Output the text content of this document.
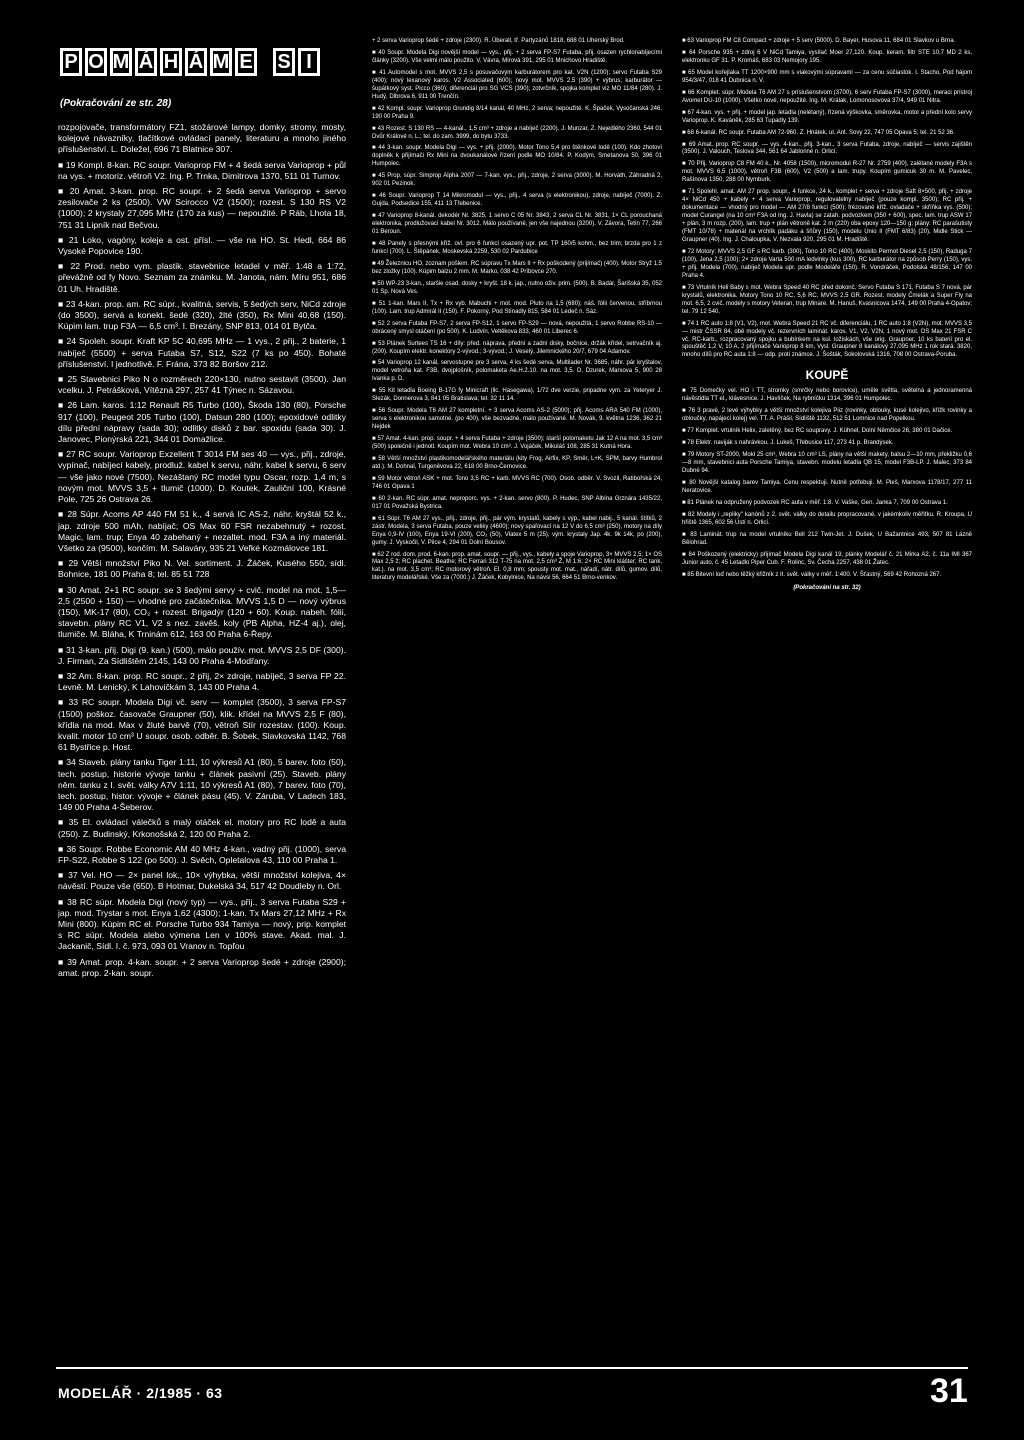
P O M Á H Á M E S I
(Pokračování ze str. 28)

rozpojovače, transformátory FZ1, stožárové lampy, domky, stromy, mosty, kolejové návazníky, tlačítkové ovládací panely, literaturu a mnoho jiného příslušenství. L. Doležel, 696 71 Blatnice 307.

■ 19 Kompl. 8-kan. RC soupr. Varioprop FM + 4 šedá serva Varioprop + půl na vys. + motoriz. větroň V2. Ing. P. Trnka, Dimitrova 1370, 511 01 Turnov.

■ 20 Amat. 3-kan. prop. RC soupr. + 2 šedá serva Varioprop + servo zesilovače 2 ks (2500). VW Scirocco V2 (1500); rozest. S 130 RS V2 (1000); 2 krystaly 27,095 MHz (170 za kus) — nepoužité. P Ráb, Lhota 18, 751 31 Lipník nad Bečvou.

■ 21 Loko, vagóny, koleje a ost. přísl. — vše na HO. St. Hedl, 664 86 Vysoké Popovice 190.

■ 22 Prod. nebo vym. plastik. stavebnice letadel v měř. 1:48 a 1:72, převážně od fy Novo. Seznam za známku. M. Janota, nám. Míru 951, 686 01 Uh. Hradiště.

■ 23 4-kan. prop. am. RC súpr., kvalitná, servis, 5 šedých serv, NiCd zdroje (do 3500), servá a konekt. šedé (320), žlté (350), Rx Mini 40,68 (150). Kúpim lam. trup F3A — 6,5 cm³. I. Brezány, SNP 813, 014 01 Bytča.

■ 24 Spoleh. soupr. Kraft KP 5C 40,695 MHz — 1 vys., 2 přij., 2 baterie, 1 nabíječ (5500) + serva Futaba S7, S12, S22 (7 ks po 450). Bohaté příslušenství. I jednotlivě. F. Frána, 373 82 Boršov 212.

■ 25 Stavebnici Piko N o rozměrech 220×130, nutno sestavit (3500). Jan vcelku. J. Petrášková, Vítězná 297, 257 41 Týnec n. Sázavou.

■ 26 Lam. karos. 1:12 Renault R5 Turbo (100), Škoda 130 (80), Porsche 917 (100), Peugeot 205 Turbo (100), Datsun 280 (100); epoxidové odlitky dílu přední nápravy (sada 30); odlitky disků z bar. spoxidu (sada 30). J. Janovec, Pionýrská 221, 344 01 Domažlice.

■ 27 RC soupr. Varioprop Exzellent T 3014 FM ses 40 — vys., přij., zdroje, vypínač, nabíjecí kabely, prodluž. kabel k servu, náhr. kabel k servu, 6 serv — vše jako nové (7500). Nezáštaný RC model typu Oscar, rozp. 1,4 m, s novým mot. MVVS 3,5 + tlumič (1000). D. Koutek, Zauliční 100, Krásné Pole, 725 26 Ostrava 26.

■ 28 Súpr. Acoms AP 440 FM 51 k., 4 servá IC AS-2, náhr. kryštál 52 k., jap. zdroje 500 mAh, nabíjač; OS Max 60 FSR nezabehnutý + rozost. Magic, lam. trup; Enya 40 zabehaný + nezaltet. mod. F3A a iný materiál. Všetko za (9500), končím. M. Salaváry, 935 21 Veľké Kozmálovce 181.

■ 29 Větší množství Piko N. Vel. sortiment. J. Žáček, Kusého 550, sídl. Bohnice, 181 00 Praha 8; tel. 85 51 728

■ 30 Amat. 2+1 RC soupr. se 3 šedými servy + cvič. model na mot. 1,5—2,5 (2500 + 150) — vhodné pro začátečníka. MVVS 1,5 D — nový výbrus (150), MK-17 (80), CO₂ + rozest. Brigadýr (120 + 60). Koup. nabeh. fólii, stavebn. plány RC V1, V2 s nez. zavěš. koly (PB Alpha, HZ-4 aj.), olej, tlumiče. M. Bláha, K Trninám 612, 163 00 Praha 6-Řepy.

■ 31 3-kan. přij. Digi (9. kan.) (500), málo použív. mot. MVVS 2,5 DF (300). J. Firman, Za Sídlištěm 2145, 143 00 Praha 4-Modřany.

■ 32 Am. 8-kan. prop. RC soupr., 2 přij, 2× zdroje, nabíječ, 3 serva FP 22. Levně. M. Lenický, K Lahovičkám 3, 143 00 Praha 4.

■ 33 RC soupr. Modela Digi vč. serv — komplet (3500), 3 serva FP-S7 (1500) poškoz. časovače Graupner (50), klik. křídel na MVVS 2,5 F (80), křídla na mod. Max v žluté barvě (70), větroň Stír rozestav. (100). Koup. kvalit. motor 10 cm³ U soupr. osob. odběr. B. Šobek, Slavkovská 1142, 768 61 Bystřice p. Host.

■ 34 Staveb. plány tanku Tiger 1:11, 10 výkresů A1 (80), 5 barev. foto (50), tech. postup, historie vývoje tanku + článek pasivní (25). Staveb. plány něm. tanku z I. svět. války A7V 1:11, 10 výkresů A1 (80), 7 barev. foto (70), tech. postup, histor. vývoje + článek pásu (45). V. Záruba, V Ladech 183, 149 00 Praha 4-Šeberov.

■ 35 El. ovládací válečků s malý otáček el. motory pro RC lodě a auta (250). Z. Budinský, Krkonošská 2, 120 00 Praha 2.

■ 36 Soupr. Robbe Economic AM 40 MHz 4-kan., vadný přij. (1000), serva FP-S22, Robbe S 122 (po 500). J. Svěch, Opletalova 43, 110 00 Praha 1.

■ 37 Vel. HO — 2× panel lok., 10× výhybka, větší množství kolejiva, 4× návěstí. Pouze vše (650). B Hotmar, Dukelská 34, 517 42 Doudleby n. Orl.

■ 38 RC súpr. Modela Digi (nový typ) — vys., přij., 3 serva Futaba S29 + jap. mod. Trystar s mot. Enya 1,62 (4300); 1-kan. Tx Mars 27,12 MHz + Rx Mini (800). Kúpim RC el. Porsche Turbo 934 Tamiya — nový, prip. komplet s RC súpr. Modela alebo výmena Len v 100% stave. Akad. mal. J. Jackanič, Sídl. I. č. 973, 093 01 Vranov n. Topľou

■ 39 Amat. prop. 4-kan. soupr. + 2 serva Varioprop šedé + zdroje (2900); amat. prop. 2-kan. soupr.

+ 2 serva Varioprop šedé + zdroje (2300). R. Überall, tř. Partyzánů 1818, 688 01 Uherský Brod.

■ 40 Soupr. Modela Digi novější model — vys., přij. + 2 serva FP-S7 Futaba, přij. osazen rychlonabíjecími články (3200). Vše velmi málo použito. V. Vávra, Mírová 391, 295 01 Mnichovo Hradiště.

■ 41 Automodel s mot. MVVS 2,5 s posuvačovým karburátorem pro kat. V2N (1200); servo Futaba S29 (400); nový lexanový karos. V2 Associated (600); nový mot. MVVS 2,5 (390) + výbrus; karburátor — šupátkový syst. Picco (360); diferenciál pro SG VCS (390); zotvrčník, spojka komplet viz MO 11/84 (280). J. Hudý, Dlbrova 6, 911 00 Trenčín.

■ 42 Kompl. soupr. Varioprop Grundig 8/14 kanál, 40 MHz, 2 serva; nepoužité. K. Špaček, Vysočanská 246, 190 00 Praha 9.

■ 43 Rozest. S 130 RS — 4-kanál., 1,5 cm³ + zdroje a nabíječ (2200). J. Munzar, Z. Nejedlého 2360, 544 01 Dvůr Králové n. L.; tel. do zam. 3999, do bytu 3733.

■ 44 3-kan. soupr. Modela Digi — vys. + přij. (2000). Motor Tono 5,4 pro štěnkové lodě (100). Kdo zhotoví doplněk k přijímači Rx Mini na dvoukanálové řízení podle MO 10/84. P. Kodým, Smetanova 50, 396 01 Humpolec.

■ 45 Prop. súpr. Simprop Alpha 2007 — 7-kan. vys., přij., zdroje, 2 serva (3000). M. Horváth, Záhradná 2, 902 01 Pezinok.

■ 46 Soupr. Varioprop T 14 Mikromodul — vys., přij., 4 serva (s elektronikou), zdroje, nabíječ (7000). Z. Gujda, Podsedice 155, 411 13 Třebenice.

■ 47 Varioprop 8-kanál. dekodér Nr. 3825, 1 servo C 05 Nr. 3843, 2 serva CL Nr. 3831, 1× CL porouchaná elektronika, prodlužovací kabel Nr. 3012. Málo používané, jen vše najednou (3200). V. Závora, Tetín 77, 266 01 Beroun.

■ 48 Panely s přesnými kříž. ovl. pro 6 funkcí osazený upr. pot. TP 160/5 kohm., bez trim; brzda pro 1 z funkcí (700). L. Štěpánek, Moskevská 2259, 530 02 Pardubice

■ 49 Železnicu HO, zoznam pošlem. RC súpravu Tx Mars II + Rx poškodený (prijímač) (400). Motor Stryž 1,5 bez zložky (100). Kúpim balzu 2 mm. M. Marko, 038 42 Príbovce 270.

■ 50 WP-23 3-kan., staršie osad. dosky + kryšt. 18 k. jap., nutno oživ. prim. (500). B. Badár, Šarišská 35, 052 01 Sp. Nová Ves.

■ 51 1-kan. Mars II, Tx + Rx vyb. Mabuchi + mot. mod. Pluto na 1,5 (680); náš. fólii červenou, stříbrnou (100). Lam. trup Admirál II (150). F. Pokorný, Pod Stínadly 815, 584 01 Ledeč n. Sáz.

■ 52 2 serva Futaba FP-S7, 2 serva FP-S12, 1 servo FP-S29 — nová, nepoužitá, 1 servo Robbe RS-10 — obrácený smysl otáčení (po 500). K. Ludvín, Veltěkova 833, 460 01 Liberec 6.

■ 53 Plánek Surtees TS 16 + díly: před. náprava, přední a zadní disky, bočnice, držák křídel, setrvačník aj. (200). Koupím elektr. konektory 2-vývod.; 3-vývod.; J. Veselý, Jilemnického 20/7, 679 04 Adamov.

■ 54 Varioprop 12 kanál, servostupne pre 3 serva, 4 ks šedé serva, Multilader Nr. 3685, náhr. pár kryštalov, model vetroňa kat. F3B, dvojplošník, polomaketa Ae.H.2.10. na mot. 3,5. D. Dzurek, Marxova 5, 900 28 Ivanka p. D.

■ 55 Kit letadla Boeing B-17G fy Minicraft (llc. Hasegawa), 1/72 dve verzie, pripadne vym. za Yeteryer J. Slezák, Donnerova 3, 841 05 Bratislava; tel. 32 11 14.

■ 56 Soupr. Modela T6 AM 27 kompletní. + 3 serva Acoms AS-2 (5000); přij. Acoms ARA 540 FM (1000), serva s elektronikou samotné. (po 400), vše bezvadné, málo používané. M. Novák, 9. května 1236, 362 21 Nejdek

■ 57 Amat. 4-kan. prop. soupr. + 4 serva Futaba + zdroje (3500); starší polomaketu Jak 12 A na mot. 3,5 cm³ (500) společně i jednotl. Koupím mot. Webra 10 cm³. J. Vojáček, Mikuláš 108, 285 31 Kutná Hora.

■ 58 Větší množství plastikomodelářského materiálu (kity Frog, Airfix, KP, Směr, L+K, SPM, barvy Humbrol atd.). M. Dohnal, Turgeněvova 22, 618 00 Brno-Černovice.

■ 59 Motor větroň ASK + mot. Tono 3,5 RC + karb. MVVS RC (700). Osob. odběr. V. Svozil, Ratibořská 24, 746 01 Opava 1

■ 60 2-kan. RC súpr. amat. neproporc. vys. + 2-kan. servo (800). P. Hudec, SNP Albína Grznára 1435/22, 017 01 Považská Bystrica.

■ 61 Súpr. T6 AM 27 vys., přij., zdroje, přij., pár vým. krystalů, kabely s výp., kabel nabij., 5 kanál. štítků, 2 zástr. Modela, 3 serva Futaba, pouze veliky (4600); nový spaľovací na 12 V do 6,5 cm³ (250), motory na díly Enya 0,9-IV (100), Enya 19-VI (200), CO₂ (50), Vlatex 5 m (25), vým. krystaly Jap. 4k. 9k 14k, po (200), gumy. J. Vyskočil, V. Pilce 4, 294 01 Dolní Bousov.

■ 62 Z rod. dom. prod. 6-kan. prop. amat. soupr. — přij., vys., kabely a spoje Varioprop, 3× MVVS 2,5; 1× OS Max 2,5 ž; RC plachet. Beathe; RC Ferrari 312 T-75 na mot. 2,5 cm³ Ž, M 1:6; 2× RC Mini klášter; RC tank, kat.). na mot. 3,5 cm³; RC motorový větroň. El. 0,8 mm; spousty mot. mat., nářadí, nátr. dílů, gumov. dílů, literatury modelářské. Vše za (7000.) J. Žáček, Kobylnice, Na návsi 56, 664 51 Brno-venkov.

■ 63 Varioprop FM C8 Compact + zdroje + 5 serv (5000). D. Bayer, Husova 11, 684 01 Slavkov u Brna.

■ 64 Porsche 935 + zdroj 6 V NiCd Tamiya, vysílač Moer 27,120. Koup. keram. filtr STE 10,7 MD 2 ks, elektronku GF 31. P. Kromáš, 683 03 Nemojory 195.

■ 65 Model kořejlaka TT 1200×900 mm s viakovými súpravami — za cenu súčiastok. I. Stacho, Pod hájom 954/3/47, 018 41 Dubnica n. V.

■ 66 Komplet. súpr. Modela T6 AM 27 s príslušenstvom (3700), 6 serv Futaba FP-S7 (3000), meraci prístroj Avomet DU-10 (1000). Všetko nové, nepoužité. Ing. M. Králak, Lomonosovova 37/4, 949 01 Nitra.

■ 67 4-kan. vys. + přij. + model jap. letadla (nelétaný), řízená výškovka, směrovka, motor a přední kolo servy Varioprop. K. Kaváněk, 285 63 Tupadly 139.

■ 68 6-kanál. RC soupr. Futaba AM 72-960. Z. Hnátek, ul. Ant. Sovy 22, 747 05 Opava 5; tel. 21 52 36.

■ 69 Amat. prop. RC soupr. — vys. 4-kan., přij. 3-kan., 3 serva Futaba, zdroje, nabíječ — servis zajištěn (3500). J. Valouch, Teslova 344, 561 64 Jablonné n. Orlicí.

■ 70 Přij. Varioprop C8 FM 40 k., Nr. 4058 (1500), micromodul R-27 Nr. 2759 (400), zalétané modely F3A s mot. MVVS 6,5 (1000), větroň F3B (600), V2 (500) a lam. trupy. Koupím gumicuk 30 m. M. Pavelec, Rašínova 1350, 288 00 Nymburk.

■ 71 Spolehl. amat. AM 27 prop. soupr., 4 funkce, 24 k., komplet + serva + zdroje Saft 8×500, přij. + zdroje 4× NiCd 450 + kabely + 4 serva Varioprop, regulovatelný nabíječ (pouze kompl. 3500); RC přij. + dokumentace — vhodný pro model — AM 27/8 funkcí (500); frézované kříž. ovladače + skříňka vys. (500); model Curangel (na 10 cm³ F3A od Ing. J. Havla) se zatah. podvozkem (350 + 600), spec. lam. trup ASW 17 + plán, 3 m rozp. (200), lam. trup + plán větroně kat. 2 m (220) oba epoxy 120—150 g; plány: RC parašutisty (FMT 10/78) + materiál na vrchlík padáku a šňůry (150), modelu Unio II (FMT 6/83) (20), Midle Stick — Graupner (40). Ing. J. Chaloupka, V. Nezvala 920, 295 01 M. Hradiště.

■ 72 Motory: MVVS 2,5 GF s RC karb. (300), Tono 10 RC (400), Moskito Permot Diesel 2,5 (150), Raduga 7 (100), Jena 2,5 (100); 2× zdroje Varta 500 mA ledvinky (kus 300), RC karburátor na způsob Perry (150), vys. + přij. Modela (700), nabíječ Modela upr. podle Modeláře (150). R. Vondráček, Podolská 48/156, 147 00 Praha 4.

■ 73 Vrtulník Heli Baby s mot. Webra Speed 40 RC před dokonč. Servo Futaba S 171, Futaba S 7 nová, pár krystalů, elektronika. Motory Tono 10 RC, 5,6 RC, MVVS 2,5 GR. Rozest. modely Čmelák a Super Fly na mot. 6,5, 2 cvič. modely s motory Veteran, trup Minare. M. Hanuš, Kvasnicova 1474, 149 00 Praha 4-Opatov; tel. 79 12 540.

■ 74 1 RC auto 1:8 (V1, V2), mot. Webra Speed 21 RC vč. diferenciálu, 1 RC auto 1:8 (V2N), mot. MVVS 3,5 — mistr ČSSR 84, obě modely vč. rezervních laminát. karos. V1, V2, V2N, 1 nový mot. OS Max 21 FSR C vč. RC-karb., rozpracovaný spojku a bubínkem na kul. ložiskách, vše orig. Graupner, 10 ks baterií pro el. spouštěč 1,2 V, 10 A, 2 přijímače Varioprop 8 km, Vysl. Graupner 8 kanálový 27,095 MHz 1 rok stará. 3820, mnoho dílů pro RC auta 1:8 — odp. proti známce. J. Šošták, Sokolovská 1316, 708 00 Ostrava-Poruba.

KOUPĚ

■ 75 Domečky vel. HO i TT, stromky (smrčky nebo borovice), uměle světla, světelná a jednoramenná návěstidla TT el., klávesnice. J. Havlíček, Na rybníčku 1314, 396 01 Humpolec.

■ 76 3 pravé, 2 levé výhybky a větší množství kolejiva Piiz (rovinky, oblouky, kusé kolejivo, křížk rovinky a obloučky, napájecí kolej) vel. TT. A. Prášil, Sídliště 1132, 512 51 Lomnice nad Popelkou.

■ 77 Komplet. vrtulník Helix, zaletěný, bez RC soupravy. J. Kühnel, Dolní Němčice 26, 380 01 Dačice.

■ 78 Elektr. naviják s nahrávkou. J. Lukeš, Třebusice 117, 273 41 p. Brandýsek.

■ 79 Motory ST-2000, Mokl 25 cm³, Webra 10 cm³ LS, plány na větší makety, balsu 2—10 mm, překližku 0,6—8 mm, stavebnici auta Porsche Tamiya, stavebn. modelu letadla QB 15, model F3B-LP. J. Malec, 373 84 Dubné 94.

■ 80 Novější katalog barev Tamiya. Cenu respektuji. Nutně potřebuji. M. Pleš, Marxova 1178/17, 277 11 Neratovice.

■ 81 Plánek na odpružený podvozek RC auta v měř. 1:8. V. Vaške, Gen. Janka 7, 709 00 Ostrava 1.

■ 82 Modely i „repliky" kanónů z 2. svět. války do detailu propracované, v jakémkoliv měřítku. R. Kroupa, U hřiště 1365, 602 56 Ústí n. Orlicí.

■ 83 Laminát. trup na model vrtulníku Bell 212 Twin-Jet. J. Dušek, U Bažantnice 493, 507 81 Lázně Bělohrad.

■ 84 Poškozený (elektricky) přijímač Modela Digi kanál 19, plánky Modelář č. 21 Mirka A2, č. 11a IMI 367 Junior auto, č. 45 Letadlo Piper Cub. F. Rolinc, Sv. Čecha 2257, 438 01 Žatec.

■ 85 Bitevní loď nebo těžký křižník z II. svět. války v měř. 1:400. V. Šťastný, 569 42 Rohozná 267.

(Pokračování na str. 32)
MODELÁŘ · 2/1985 · 63	31
